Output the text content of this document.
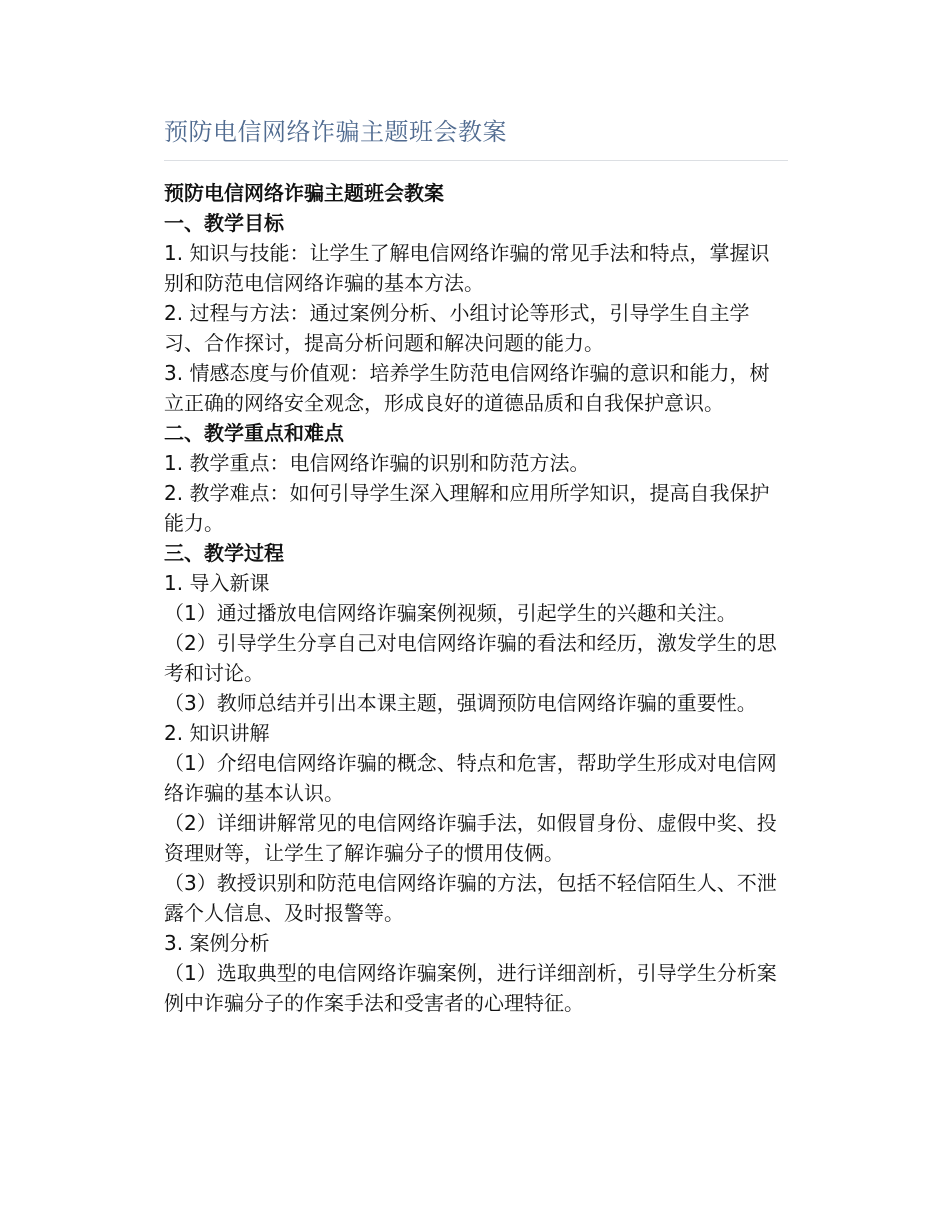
预防电信网络诈骗主题班会教案

预防电信网络诈骗主题班会教案

一、教学目标

1. 知识与技能：让学生了解电信网络诈骗的常见手法和特点，掌握识别和防范电信网络诈骗的基本方法。

2. 过程与方法：通过案例分析、小组讨论等形式，引导学生自主学习、合作探讨，提高分析问题和解决问题的能力。

3. 情感态度与价值观：培养学生防范电信网络诈骗的意识和能力，树立正确的网络安全观念，形成良好的道德品质和自我保护意识。

二、教学重点和难点

1. 教学重点：电信网络诈骗的识别和防范方法。

2. 教学难点：如何引导学生深入理解和应用所学知识，提高自我保护能力。

三、教学过程

1. 导入新课

（1）通过播放电信网络诈骗案例视频，引起学生的兴趣和关注。

（2）引导学生分享自己对电信网络诈骗的看法和经历，激发学生的思考和讨论。

（3）教师总结并引出本课主题，强调预防电信网络诈骗的重要性。

2. 知识讲解

（1）介绍电信网络诈骗的概念、特点和危害，帮助学生形成对电信网络诈骗的基本认识。

（2）详细讲解常见的电信网络诈骗手法，如假冒身份、虚假中奖、投资理财等，让学生了解诈骗分子的惯用伎俩。

（3）教授识别和防范电信网络诈骗的方法，包括不轻信陌生人、不泄露个人信息、及时报警等。

3. 案例分析

（1）选取典型的电信网络诈骗案例，进行详细剖析，引导学生分析案例中诈骗分子的作案手法和受害者的心理特征。
